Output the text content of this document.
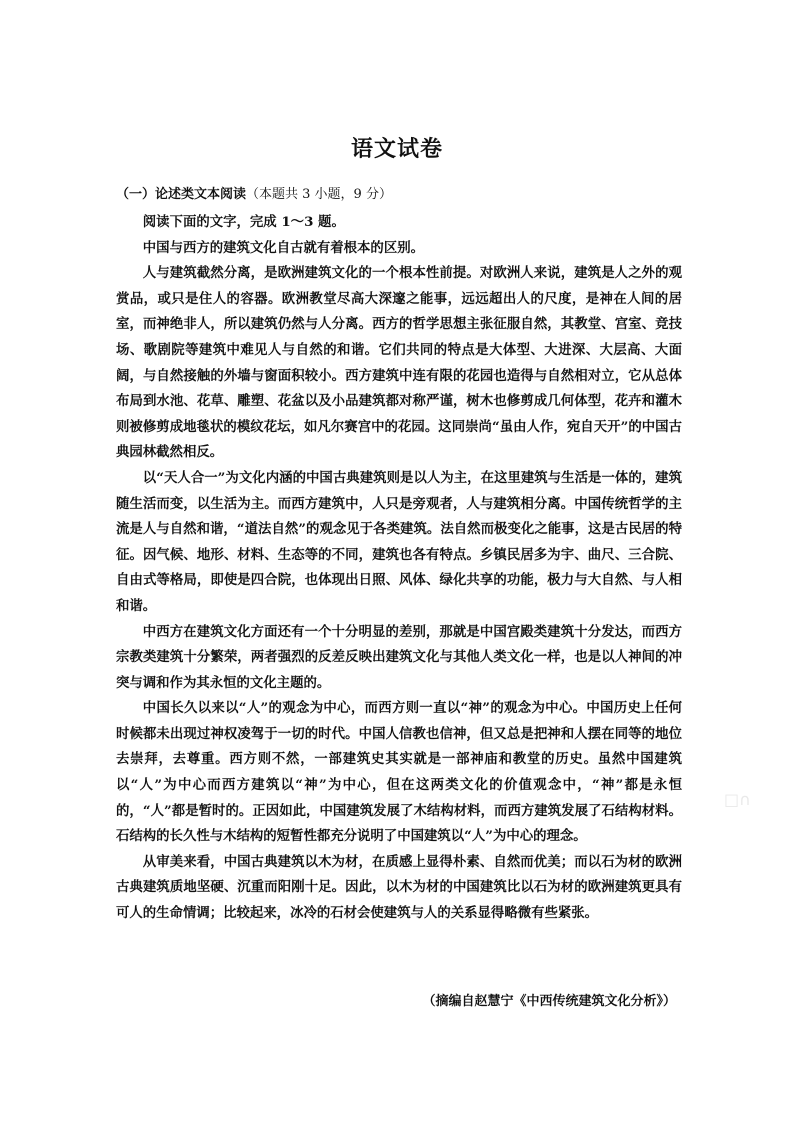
语文试卷
（一）论述类文本阅读（本题共 3 小题，9 分）

阅读下面的文字，完成 1～3 题。

中国与西方的建筑文化自古就有着根本的区别。

人与建筑截然分离，是欧洲建筑文化的一个根本性前提。对欧洲人来说，建筑是人之外的观赏品，或只是住人的容器。欧洲教堂尽高大深邃之能事，远远超出人的尺度，是神在人间的居室，而神绝非人，所以建筑仍然与人分离。西方的哲学思想主张征服自然，其教堂、宫室、竞技场、歌剧院等建筑中难见人与自然的和谐。它们共同的特点是大体型、大进深、大层高、大面阔，与自然接触的外墙与窗面积较小。西方建筑中连有限的花园也造得与自然相对立，它从总体布局到水池、花草、雕塑、花盆以及小品建筑都对称严谨，树木也修剪成几何体型，花卉和灌木则被修剪成地毯状的模纹花坛，如凡尔赛宫中的花园。这同崇尚“虽由人作，宛自天开”的中国古典园林截然相反。

以“天人合一”为文化内涵的中国古典建筑则是以人为主，在这里建筑与生活是一体的，建筑随生活而变，以生活为主。而西方建筑中，人只是旁观者，人与建筑相分离。中国传统哲学的主流是人与自然和谐，“道法自然”的观念见于各类建筑。法自然而极变化之能事，这是古民居的特征。因气候、地形、材料、生态等的不同，建筑也各有特点。乡镇民居多为宇、曲尺、三合院、自由式等格局，即使是四合院，也体现出日照、风体、绿化共享的功能，极力与大自然、与人相和谐。

中西方在建筑文化方面还有一个十分明显的差别，那就是中国宫殿类建筑十分发达，而西方宗教类建筑十分繁荣，两者强烈的反差反映出建筑文化与其他人类文化一样，也是以人神间的冲突与调和作为其永恒的文化主题的。

中国长久以来以“人”的观念为中心，而西方则一直以“神”的观念为中心。中国历史上任何时候都未出现过神权凌驾于一切的时代。中国人信教也信神，但又总是把神和人摆在同等的地位去崇拜，去尊重。西方则不然，一部建筑史其实就是一部神庙和教堂的历史。虽然中国建筑以“人”为中心而西方建筑以“神”为中心，但在这两类文化的价值观念中，“神”都是永恒的，“人”都是暂时的。正因如此，中国建筑发展了木结构材料，而西方建筑发展了石结构材料。石结构的长久性与木结构的短暂性都充分说明了中国建筑以“人”为中心的理念。

从审美来看，中国古典建筑以木为材，在质感上显得朴素、自然而优美；而以石为材的欧洲古典建筑质地坚硬、沉重而阳刚十足。因此，以木为材的中国建筑比以石为材的欧洲建筑更具有可人的生命情调；比较起来，冰冷的石材会使建筑与人的关系显得略微有些紧张。

（摘编自赵慧宁《中西传统建筑文化分析》）
□∩
